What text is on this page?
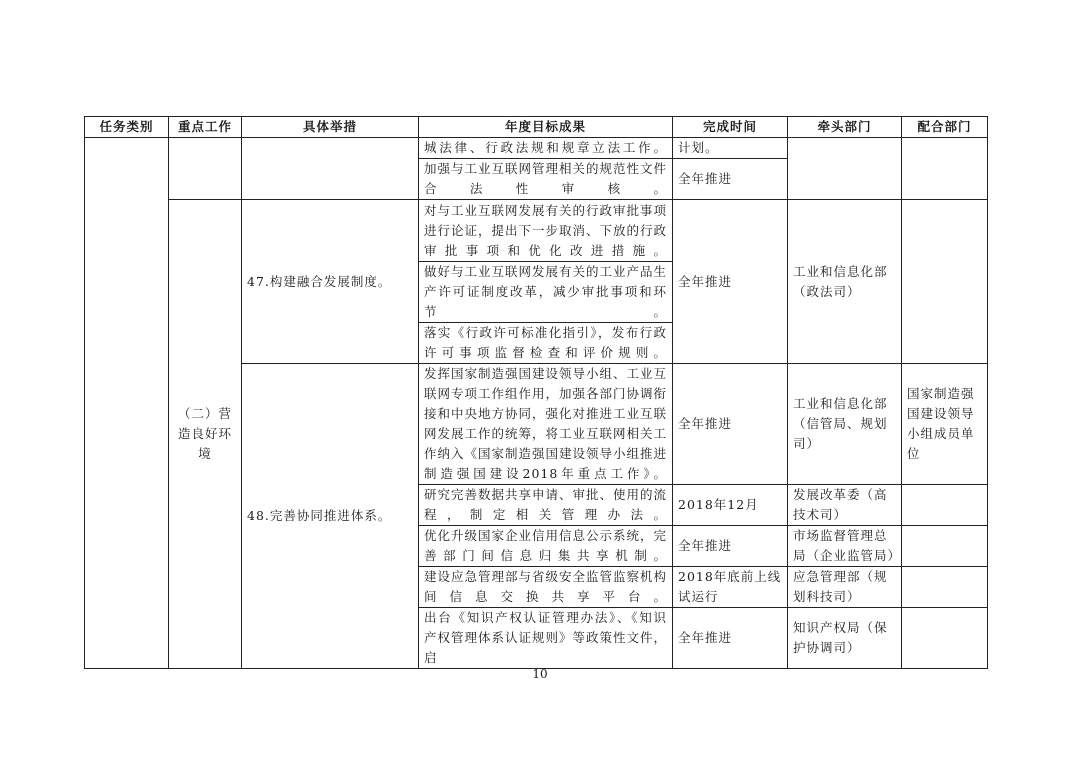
任务类别	重点工作	具体举措	年度目标成果	完成时间	牵头部门	配合部门
			城法律、行政法规和规章立法工作。	计划。		
			加强与工业互联网管理相关的规范性文件合法性审核。	全年推进		
	（二）营造良好环境	47.构建融合发展制度。	对与工业互联网发展有关的行政审批事项进行论证，提出下一步取消、下放的行政审批事项和优化改进措施。	全年推进	工业和信息化部（政法司）	
			做好与工业互联网发展有关的工业产品生产许可证制度改革，减少审批事项和环节。			
			落实《行政许可标准化指引》，发布行政许可事项监督检查和评价规则。			
		48.完善协同推进体系。	发挥国家制造强国建设领导小组、工业互联网专项工作组作用，加强各部门协调衔接和中央地方协同，强化对推进工业互联网发展工作的统筹，将工业互联网相关工作纳入《国家制造强国建设领导小组推进制造强国建设2018年重点工作》。	全年推进	工业和信息化部（信管局、规划司）	国家制造强国建设领导小组成员单位
			研究完善数据共享申请、审批、使用的流程，制定相关管理办法。	2018年12月	发展改革委（高技术司）	
			优化升级国家企业信用信息公示系统，完善部门间信息归集共享机制。	全年推进	市场监督管理总局（企业监管局）	
			建设应急管理部与省级安全监管监察机构间信息交换共享平台。	2018年底前上线试运行	应急管理部（规划科技司）	
			出台《知识产权认证管理办法》、《知识产权管理体系认证规则》等政策性文件，启	全年推进	知识产权局（保护协调司）	
10
